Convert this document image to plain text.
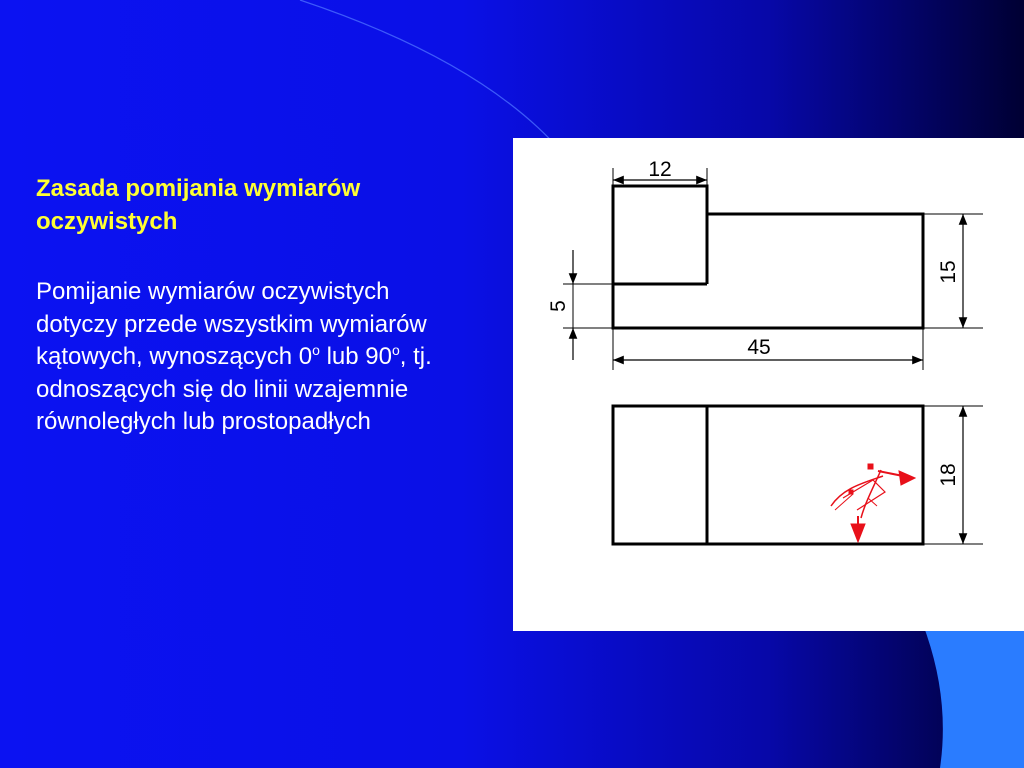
Zasada pomijania wymiarów oczywistych

Pomijanie wymiarów oczywistych dotyczy przede wszystkim wymiarów kątowych, wynoszących 0$^o$ lub 90$^o$, tj. odnoszących się do linii wzajemnie równoległych lub prostopadłych

12
15
5
45
18
